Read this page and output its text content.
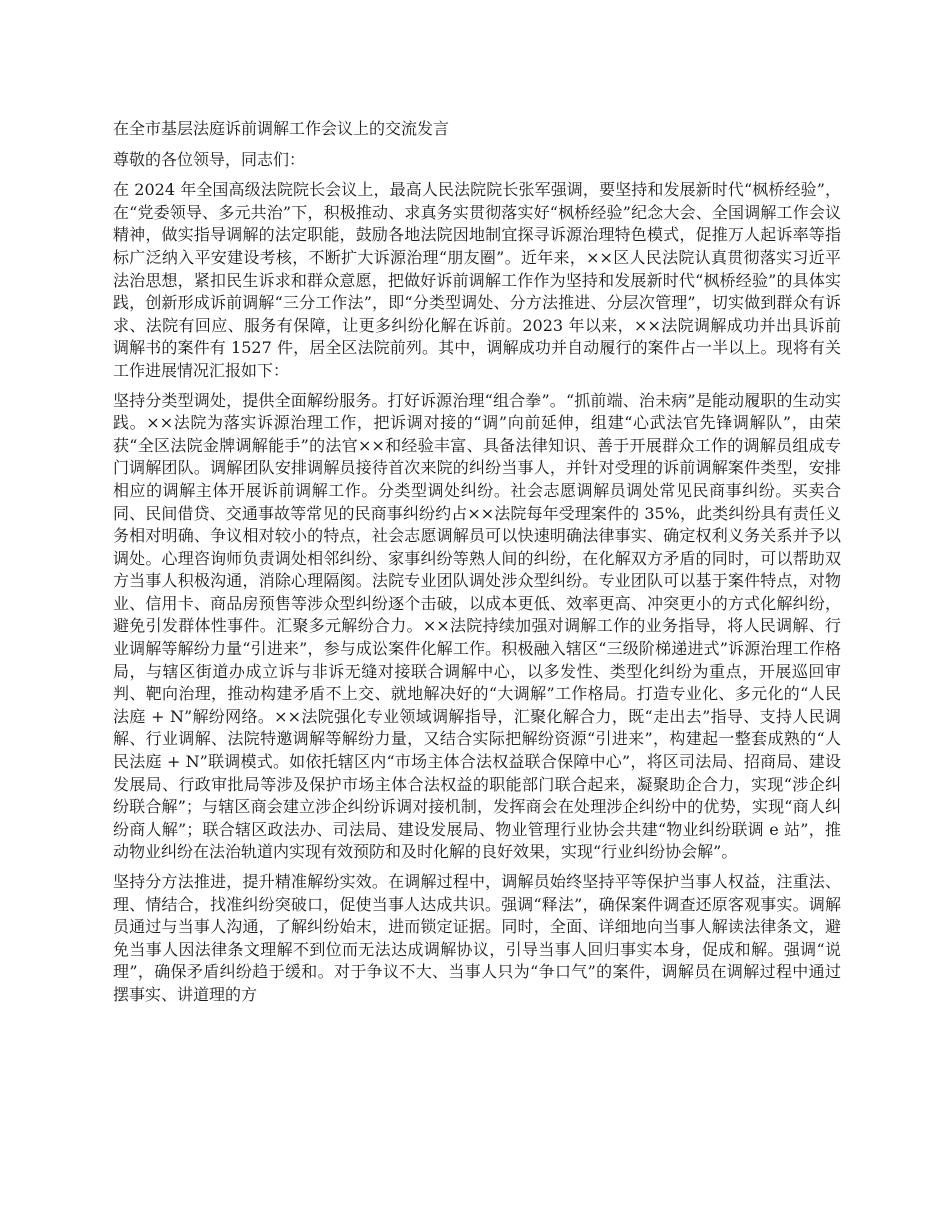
在全市基层法庭诉前调解工作会议上的交流发言

尊敬的各位领导，同志们：

在 2024 年全国高级法院院长会议上，最高人民法院院长张军强调，要坚持和发展新时代“枫桥经验”，在“党委领导、多元共治”下，积极推动、求真务实贯彻落实好“枫桥经验”纪念大会、全国调解工作会议精神，做实指导调解的法定职能，鼓励各地法院因地制宜探寻诉源治理特色模式，促推万人起诉率等指标广泛纳入平安建设考核，不断扩大诉源治理“朋友圈”。近年来，××区人民法院认真贯彻落实习近平法治思想，紧扣民生诉求和群众意愿，把做好诉前调解工作作为坚持和发展新时代“枫桥经验”的具体实践，创新形成诉前调解“三分工作法”，即“分类型调处、分方法推进、分层次管理”，切实做到群众有诉求、法院有回应、服务有保障，让更多纠纷化解在诉前。2023 年以来，××法院调解成功并出具诉前调解书的案件有 1527 件，居全区法院前列。其中，调解成功并自动履行的案件占一半以上。现将有关工作进展情况汇报如下：

坚持分类型调处，提供全面解纷服务。打好诉源治理“组合拳”。“抓前端、治未病”是能动履职的生动实践。××法院为落实诉源治理工作，把诉调对接的“调”向前延伸，组建“心武法官先锋调解队”，由荣获“全区法院金牌调解能手”的法官××和经验丰富、具备法律知识、善于开展群众工作的调解员组成专门调解团队。调解团队安排调解员接待首次来院的纠纷当事人，并针对受理的诉前调解案件类型，安排相应的调解主体开展诉前调解工作。分类型调处纠纷。社会志愿调解员调处常见民商事纠纷。买卖合同、民间借贷、交通事故等常见的民商事纠纷约占××法院每年受理案件的 35%，此类纠纷具有责任义务相对明确、争议相对较小的特点，社会志愿调解员可以快速明确法律事实、确定权利义务关系并予以调处。心理咨询师负责调处相邻纠纷、家事纠纷等熟人间的纠纷，在化解双方矛盾的同时，可以帮助双方当事人积极沟通，消除心理隔阂。法院专业团队调处涉众型纠纷。专业团队可以基于案件特点，对物业、信用卡、商品房预售等涉众型纠纷逐个击破，以成本更低、效率更高、冲突更小的方式化解纠纷，避免引发群体性事件。汇聚多元解纷合力。××法院持续加强对调解工作的业务指导，将人民调解、行业调解等解纷力量“引进来”，参与成讼案件化解工作。积极融入辖区“三级阶梯递进式”诉源治理工作格局，与辖区街道办成立诉与非诉无缝对接联合调解中心，以多发性、类型化纠纷为重点，开展巡回审判、靶向治理，推动构建矛盾不上交、就地解决好的“大调解”工作格局。打造专业化、多元化的“人民法庭 + N”解纷网络。××法院强化专业领域调解指导，汇聚化解合力，既“走出去”指导、支持人民调解、行业调解、法院特邀调解等解纷力量，又结合实际把解纷资源“引进来”，构建起一整套成熟的“人民法庭 + N”联调模式。如依托辖区内“市场主体合法权益联合保障中心”，将区司法局、招商局、建设发展局、行政审批局等涉及保护市场主体合法权益的职能部门联合起来，凝聚助企合力，实现“涉企纠纷联合解”；与辖区商会建立涉企纠纷诉调对接机制，发挥商会在处理涉企纠纷中的优势，实现“商人纠纷商人解”；联合辖区政法办、司法局、建设发展局、物业管理行业协会共建“物业纠纷联调 e 站”，推动物业纠纷在法治轨道内实现有效预防和及时化解的良好效果，实现“行业纠纷协会解”。

坚持分方法推进，提升精准解纷实效。在调解过程中，调解员始终坚持平等保护当事人权益，注重法、理、情结合，找准纠纷突破口，促使当事人达成共识。强调“释法”，确保案件调查还原客观事实。调解员通过与当事人沟通，了解纠纷始末，进而锁定证据。同时，全面、详细地向当事人解读法律条文，避免当事人因法律条文理解不到位而无法达成调解协议，引导当事人回归事实本身，促成和解。强调“说理”，确保矛盾纠纷趋于缓和。对于争议不大、当事人只为“争口气”的案件，调解员在调解过程中通过摆事实、讲道理的方
